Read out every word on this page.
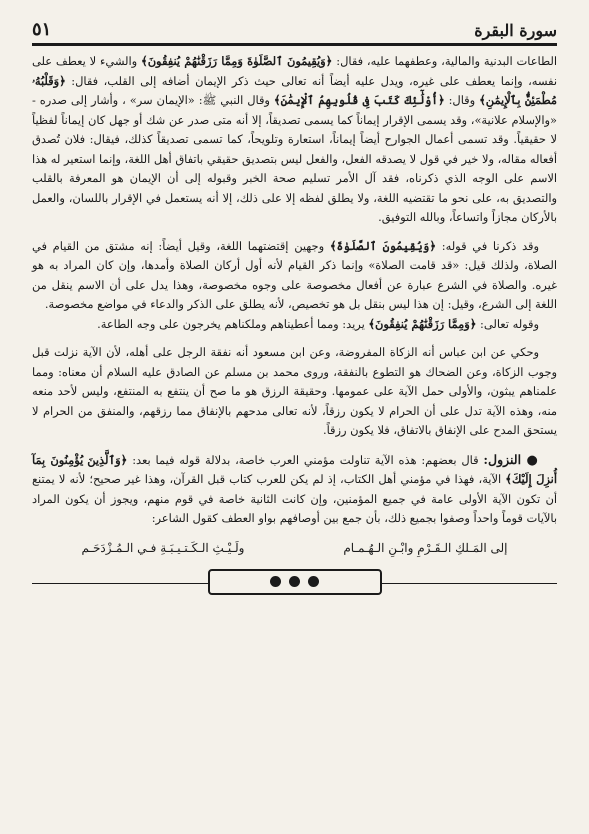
سورة البقرة
٥١

الطاعات البدنية والمالية، وعطفهما عليه، فقال: ﴿وَيُقِيمُونَ ٱلصَّلَوٰةَ وَمِمَّا رَزَقْنَٰهُمْ يُنفِقُونَ﴾ والشيء لا يعطف على نفسه، وإنما يعطف على غيره، ويدل عليه أيضاً أنه تعالى حيث ذكر الإيمان أضافه إلى القلب، فقال: ﴿وَقَلْبُهُۥ مُطْمَئِنٌّۢ بِٱلْإِيمَٰنِ﴾ وقال: ﴿أُوْلَٰٓئِكَ كَتَبَ فِى قُلُوبِهِمُ ٱلْإِيمَٰنَ﴾ وقال النبي ﷺ: «الإيمان سر» ، وأشار إلى صدره - «والإسلام علانية»، وقد يسمى الإقرار إيماناً كما يسمى تصديقاً، إلا أنه متى صدر عن شك أو جهل كان إيماناً لفظياً لا حقيقياً. وقد تسمى أعمال الجوارح أيضاً إيماناً، استعارة وتلويحاً، كما تسمى تصديقاً كذلك، فيقال: فلان تُصدق أفعاله مقاله، ولا خير في قول لا يصدقه الفعل، والفعل ليس بتصديق حقيقي باتفاق أهل اللغة، وإنما استعير له هذا الاسم على الوجه الذي ذكرناه، فقد آل الأمر تسليم صحة الخبر وقبوله إلى أن الإيمان هو المعرفة بالقلب والتصديق به، على نحو ما تقتضيه اللغة، ولا يطلق لفظه إلا على ذلك، إلا أنه يستعمل في الإقرار باللسان، والعمل بالأركان مجازاً واتساعاً، وبالله التوفيق.

وقد ذكرنا في قوله: ﴿وَيُقِيمُونَ ٱلصَّلَوٰةَ﴾ وجهين إقتضتهما اللغة، وقيل أيضاً: إنه مشتق من القيام في الصلاة، ولذلك قيل: «قد قامت الصلاة» وإنما ذكر القيام لأنه أول أركان الصلاة وأمدها، وإن كان المراد به هو غيره. والصلاة في الشرع عبارة عن أفعال مخصوصة على وجوه مخصوصة، وهذا يدل على أن الاسم ينقل من اللغة إلى الشرع، وقيل: إن هذا ليس بنقل بل هو تخصيص، لأنه يطلق على الذكر والدعاء في مواضع مخصوصة.

وقوله تعالى: ﴿وَمِمَّا رَزَقْنَٰهُمْ يُنفِقُونَ﴾ يريد: ومما أعطيناهم وملكناهم يخرجون على وجه الطاعة.

وحكي عن ابن عباس أنه الزكاة المفروضة، وعن ابن مسعود أنه نفقة الرجل على أهله، لأن الآية نزلت قبل وجوب الزكاة، وعن الضحاك هو التطوع بالنفقة، وروى محمد بن مسلم عن الصادق عليه السلام أن معناه: ومما علمناهم يبثون، والأولى حمل الآية على عمومها. وحقيقة الرزق هو ما صح أن ينتفع به المنتفع، وليس لأحد منعه منه، وهذه الآية تدل على أن الحرام لا يكون رزقاً، لأنه تعالى مدحهم بالإنفاق مما رزقهم، والمنفق من الحرام لا يستحق المدح على الإنفاق بالاتفاق، فلا يكون رزقاً.

● النزول: قال بعضهم: هذه الآية تناولت مؤمني العرب خاصة، بدلالة قوله فيما بعد: ﴿وَٱلَّذِينَ يُؤْمِنُونَ بِمَآ أُنزِلَ إِلَيْكَ﴾ الآية، فهذا في مؤمني أهل الكتاب، إذ لم يكن للعرب كتاب قبل القرآن، وهذا غير صحيح؛ لأنه لا يمتنع أن تكون الآية الأولى عامة في جميع المؤمنين، وإن كانت الثانية خاصة في قوم منهم، ويجوز أن يكون المراد بالآيات قوماً واحداً وصفوا بجميع ذلك، بأن جمع بين أوصافهم بواو العطف كقول الشاعر:

إلى المَـلكِ الـقَـرْمِ وابْـنِ الـهُـمـام
ولَـيْـثِ الـكَـتـيـبَـةِ فـي الـمُـزْدَحَـم
